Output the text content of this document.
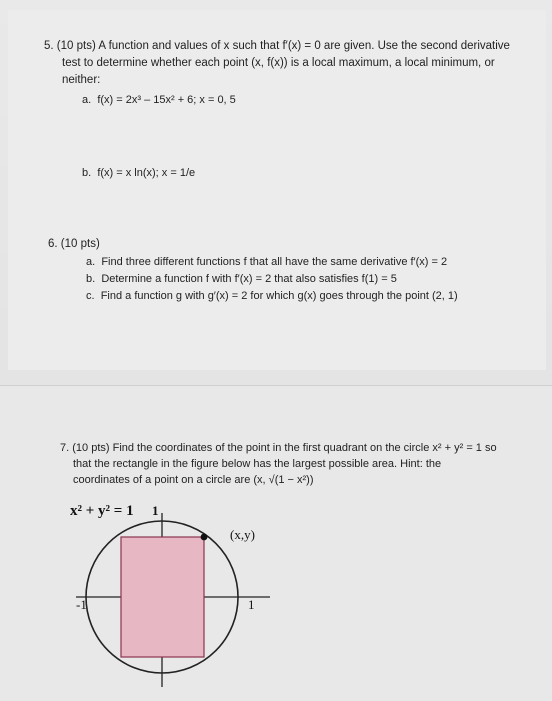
5. (10 pts) A function and values of x such that f′(x) = 0 are given. Use the second derivative
test to determine whether each point (x, f(x)) is a local maximum, a local minimum, or
neither:
a. f(x) = 2x³ – 15x² + 6; x = 0, 5
b. f(x) = x ln(x); x = 1/e
6. (10 pts)
a. Find three different functions f that all have the same derivative f′(x) = 2
b. Determine a function f with f′(x) = 2 that also satisfies f(1) = 5
c. Find a function g with g′(x) = 2 for which g(x) goes through the point (2, 1)
7. (10 pts) Find the coordinates of the point in the first quadrant on the circle x² + y² = 1 so
that the rectangle in the figure below has the largest possible area. Hint: the
coordinates of a point on a circle are (x, √(1 − x²))
x² + y² = 1 1
(x,y)
-1	1
